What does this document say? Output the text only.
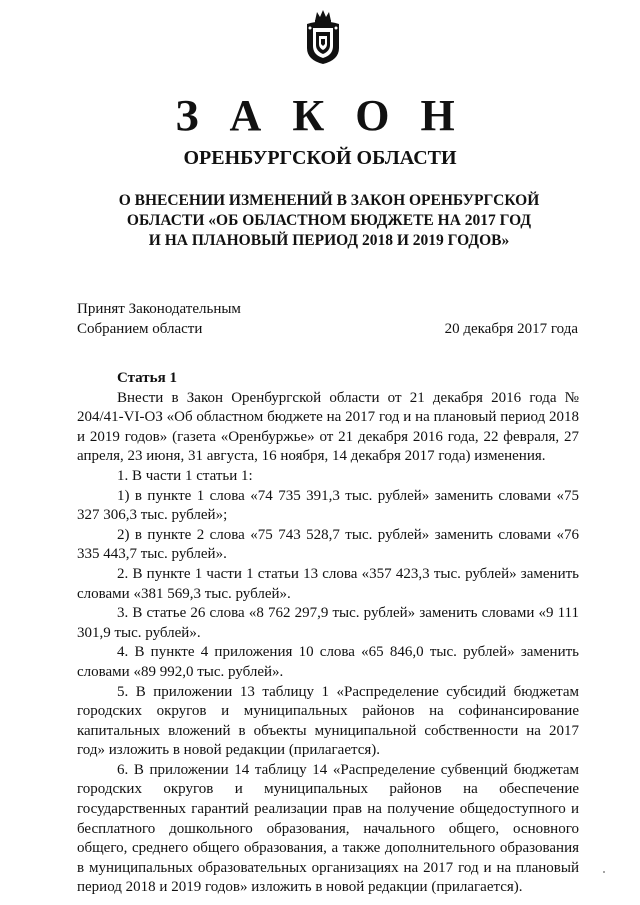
З А К О Н
ОРЕНБУРГСКОЙ ОБЛАСТИ
О ВНЕСЕНИИ ИЗМЕНЕНИЙ В ЗАКОН ОРЕНБУРГСКОЙ
ОБЛАСТИ «ОБ ОБЛАСТНОМ БЮДЖЕТЕ НА 2017 ГОД
И НА ПЛАНОВЫЙ ПЕРИОД 2018 И 2019 ГОДОВ»
Принят Законодательным
Собранием области	20 декабря 2017 года
Статья 1

Внести в Закон Оренбургской области от 21 декабря 2016 года № 204/41-VI-ОЗ «Об областном бюджете на 2017 год и на плановый период 2018 и 2019 годов» (газета «Оренбуржье» от 21 декабря 2016 года, 22 февраля, 27 апреля, 23 июня, 31 августа, 16 ноября, 14 декабря 2017 года) изменения.

1. В части 1 статьи 1:

1) в пункте 1 слова «74 735 391,3 тыс. рублей» заменить словами «75 327 306,3 тыс. рублей»;

2) в пункте 2 слова «75 743 528,7 тыс. рублей» заменить словами «76 335 443,7 тыс. рублей».

2. В пункте 1 части 1 статьи 13 слова «357 423,3 тыс. рублей» заменить словами «381 569,3 тыс. рублей».

3. В статье 26 слова «8 762 297,9 тыс. рублей» заменить словами «9 111 301,9 тыс. рублей».

4. В пункте 4 приложения 10 слова «65 846,0 тыс. рублей» заменить словами «89 992,0 тыс. рублей».

5. В приложении 13 таблицу 1 «Распределение субсидий бюджетам городских округов и муниципальных районов на софинансирование капитальных вложений в объекты муниципальной собственности на 2017 год» изложить в новой редакции (прилагается).

6. В приложении 14 таблицу 14 «Распределение субвенций бюджетам городских округов и муниципальных районов на обеспечение государственных гарантий реализации прав на получение общедоступного и бесплатного дошкольного образования, начального общего, основного общего, среднего общего образования, а также дополнительного образования в муниципальных образовательных организациях на 2017 год и на плановый период 2018 и 2019 годов» изложить в новой редакции (прилагается).
